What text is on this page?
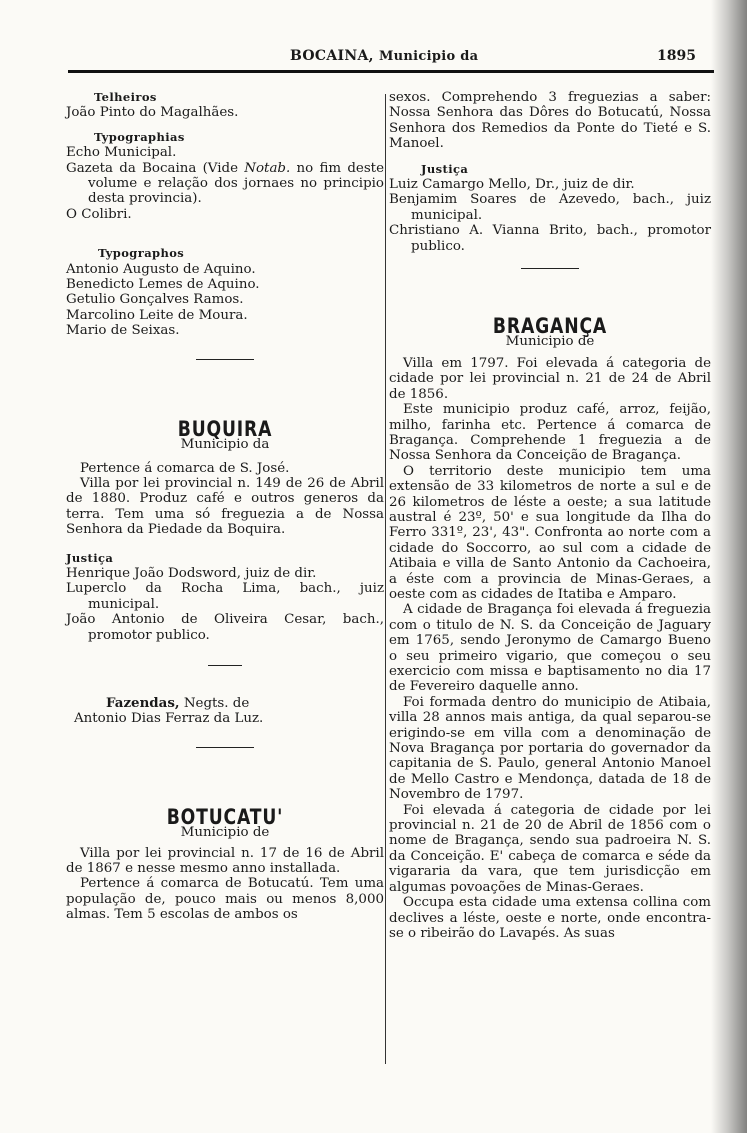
BOCAINA, Municipio da	1895
Telheiros
João Pinto do Magalhães.
Typographias
Echo Municipal.
Gazeta da Bocaina (Vide Notab. no fim deste volume e relação dos jornaes no principio desta provincia).
O Colibri.
Typographos
Antonio Augusto de Aquino.
Benedicto Lemes de Aquino.
Getulio Gonçalves Ramos.
Marcolino Leite de Moura.
Mario de Seixas.
BUQUIRA
Municipio da
Pertence á comarca de S. José.
Villa por lei provincial n. 149 de 26 de Abril de 1880. Produz café e outros generos da terra. Tem uma só freguezia a de Nossa Senhora da Piedade da Boquira.
Justiça
Henrique João Dodsword, juiz de dir.
Luperclo da Rocha Lima, bach., juiz municipal.
João Antonio de Oliveira Cesar, bach., promotor publico.
Fazendas, Negts. de
Antonio Dias Ferraz da Luz.
BOTUCATU'
Municipio de
Villa por lei provincial n. 17 de 16 de Abril de 1867 e nesse mesmo anno installada.
Pertence á comarca de Botucatú. Tem uma população de, pouco mais ou menos 8,000 almas. Tem 5 escolas de ambos os
sexos. Comprehendo 3 freguezias a saber: Nossa Senhora das Dôres do Botucatú, Nossa Senhora dos Remedios da Ponte do Tieté e S. Manoel.
Justiça
Luiz Camargo Mello, Dr., juiz de dir.
Benjamim Soares de Azevedo, bach., juiz municipal.
Christiano A. Vianna Brito, bach., promotor publico.
BRAGANÇA
Municipio de
Villa em 1797. Foi elevada á categoria de cidade por lei provincial n. 21 de 24 de Abril de 1856.
Este municipio produz café, arroz, feijão, milho, farinha etc. Pertence á comarca de Bragança. Comprehende 1 freguezia a de Nossa Senhora da Conceição de Bragança.
O territorio deste municipio tem uma extensão de 33 kilometros de norte a sul e de 26 kilometros de léste a oeste; a sua latitude austral é 23º, 50' e sua longitude da Ilha do Ferro 331º, 23', 43". Confronta ao norte com a cidade do Soccorro, ao sul com a cidade de Atibaia e villa de Santo Antonio da Cachoeira, a éste com a provincia de Minas-Geraes, a oeste com as cidades de Itatiba e Amparo.
A cidade de Bragança foi elevada á freguezia com o titulo de N. S. da Conceição de Jaguary em 1765, sendo Jeronymo de Camargo Bueno o seu primeiro vigario, que começou o seu exercicio com missa e baptisamento no dia 17 de Fevereiro daquelle anno.
Foi formada dentro do municipio de Atibaia, villa 28 annos mais antiga, da qual separou-se erigindo-se em villa com a denominação de Nova Bragança por portaria do governador da capitania de S. Paulo, general Antonio Manoel de Mello Castro e Mendonça, datada de 18 de Novembro de 1797.
Foi elevada á categoria de cidade por lei provincial n. 21 de 20 de Abril de 1856 com o nome de Bragança, sendo sua padroeira N. S. da Conceição. E' cabeça de comarca e séde da vigararia da vara, que tem jurisdicção em algumas povoações de Minas-Geraes.
Occupa esta cidade uma extensa collina com declives a léste, oeste e norte, onde encontra-se o ribeirão do Lavapés. As suas
